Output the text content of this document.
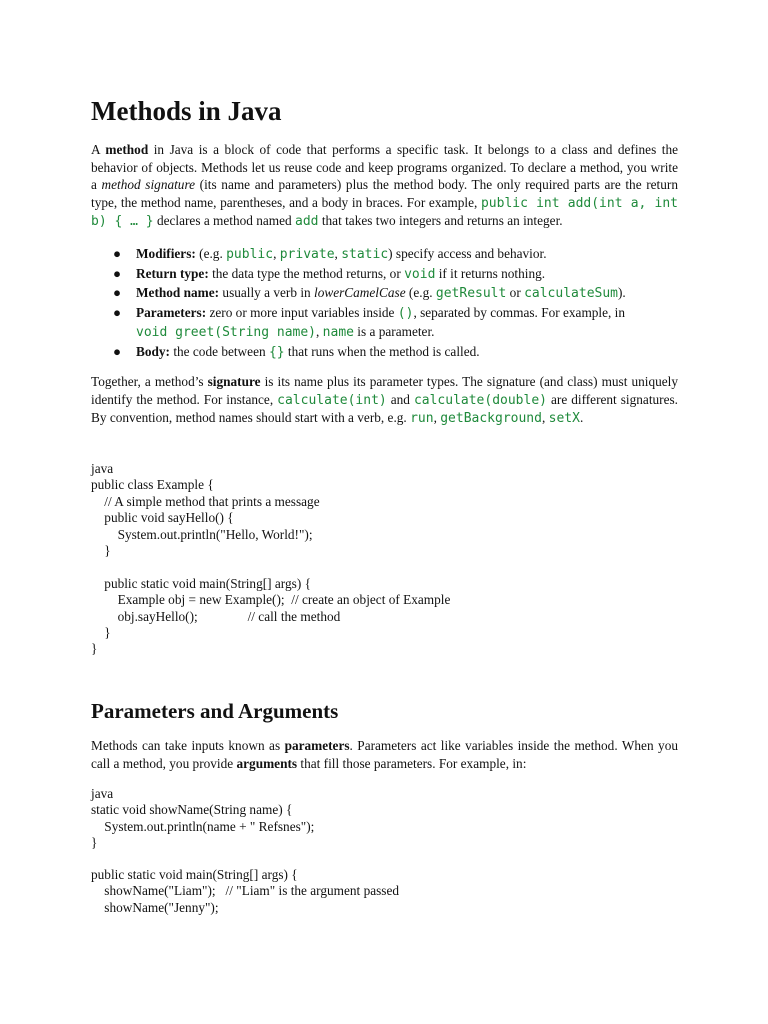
Methods in Java

A method in Java is a block of code that performs a specific task. It belongs to a class and defines the behavior of objects. Methods let us reuse code and keep programs organized. To declare a method, you write a method signature (its name and parameters) plus the method body. The only required parts are the return type, the method name, parentheses, and a body in braces. For example, public int add(int a, int b) { … } declares a method named add that takes two integers and returns an integer.

● Modifiers: (e.g. public, private, static) specify access and behavior.
● Return type: the data type the method returns, or void if it returns nothing.
● Method name: usually a verb in lowerCamelCase (e.g. getResult or calculateSum).
● Parameters: zero or more input variables inside (), separated by commas. For example, in
void greet(String name), name is a parameter.
● Body: the code between {} that runs when the method is called.

Together, a method’s signature is its name plus its parameter types. The signature (and class) must uniquely identify the method. For instance, calculate(int) and calculate(double) are different signatures. By convention, method names should start with a verb, e.g. run, getBackground, setX.

java
public class Example {
// A simple method that prints a message
public void sayHello() {
System.out.println("Hello, World!");
}

public static void main(String[] args) {
Example obj = new Example();  // create an object of Example
obj.sayHello();               // call the method
}
}
Parameters and Arguments

Methods can take inputs known as parameters. Parameters act like variables inside the method. When you call a method, you provide arguments that fill those parameters. For example, in:

java
static void showName(String name) {
System.out.println(name + " Refsnes");
}
public static void main(String[] args) {
showName("Liam");   // "Liam" is the argument passed
showName("Jenny");
